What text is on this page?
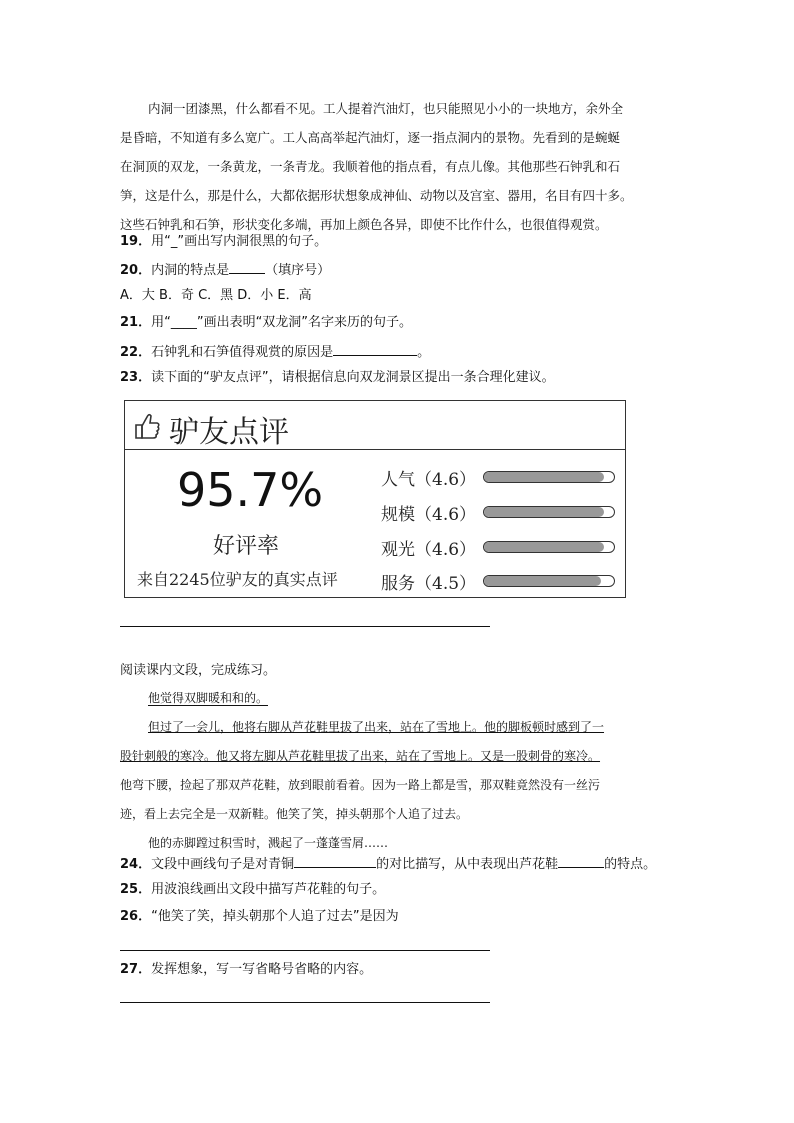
内洞一团漆黑，什么都看不见。工人提着汽油灯，也只能照见小小的一块地方，余外全

是昏暗，不知道有多么宽广。工人高高举起汽油灯，逐一指点洞内的景物。先看到的是蜿蜒

在洞顶的双龙，一条黄龙，一条青龙。我顺着他的指点看，有点儿像。其他那些石钟乳和石

笋，这是什么，那是什么，大都依据形状想象成神仙、动物以及宫室、器用，名目有四十多。

这些石钟乳和石笋，形状变化多端，再加上颜色各异，即使不比作什么，也很值得观赏。

19．用“_”画出写内洞很黑的句子。
20．内洞的特点是	（填序号）
A．大 B．奇 C．黑 D．小 E．高
21．用“____”画出表明“双龙洞”名字来历的句子。
22．石钟乳和石笋值得观赏的原因是	。
23．读下面的“驴友点评”，请根据信息向双龙洞景区提出一条合理化建议。
驴友点评
95.7%
好评率
来自2245位驴友的真实点评
人气（4.6）
规模（4.6）
观光（4.6）
服务（4.5）
阅读课内文段，完成练习。

他觉得双脚暖和和的。

但过了一会儿，他将右脚从芦花鞋里拔了出来，站在了雪地上。他的脚板顿时感到了一

股针刺般的寒冷。他又将左脚从芦花鞋里拔了出来，站在了雪地上。又是一股刺骨的寒冷。

他弯下腰，捡起了那双芦花鞋，放到眼前看着。因为一路上都是雪，那双鞋竟然没有一丝污

迹，看上去完全是一双新鞋。他笑了笑，掉头朝那个人追了过去。

他的赤脚蹚过积雪时，溅起了一蓬蓬雪屑……

24．文段中画线句子是对青铜	的对比描写，从中表现出芦花鞋	的特点。
25．用波浪线画出文段中描写芦花鞋的句子。
26．“他笑了笑，掉头朝那个人追了过去”是因为
27．发挥想象，写一写省略号省略的内容。
